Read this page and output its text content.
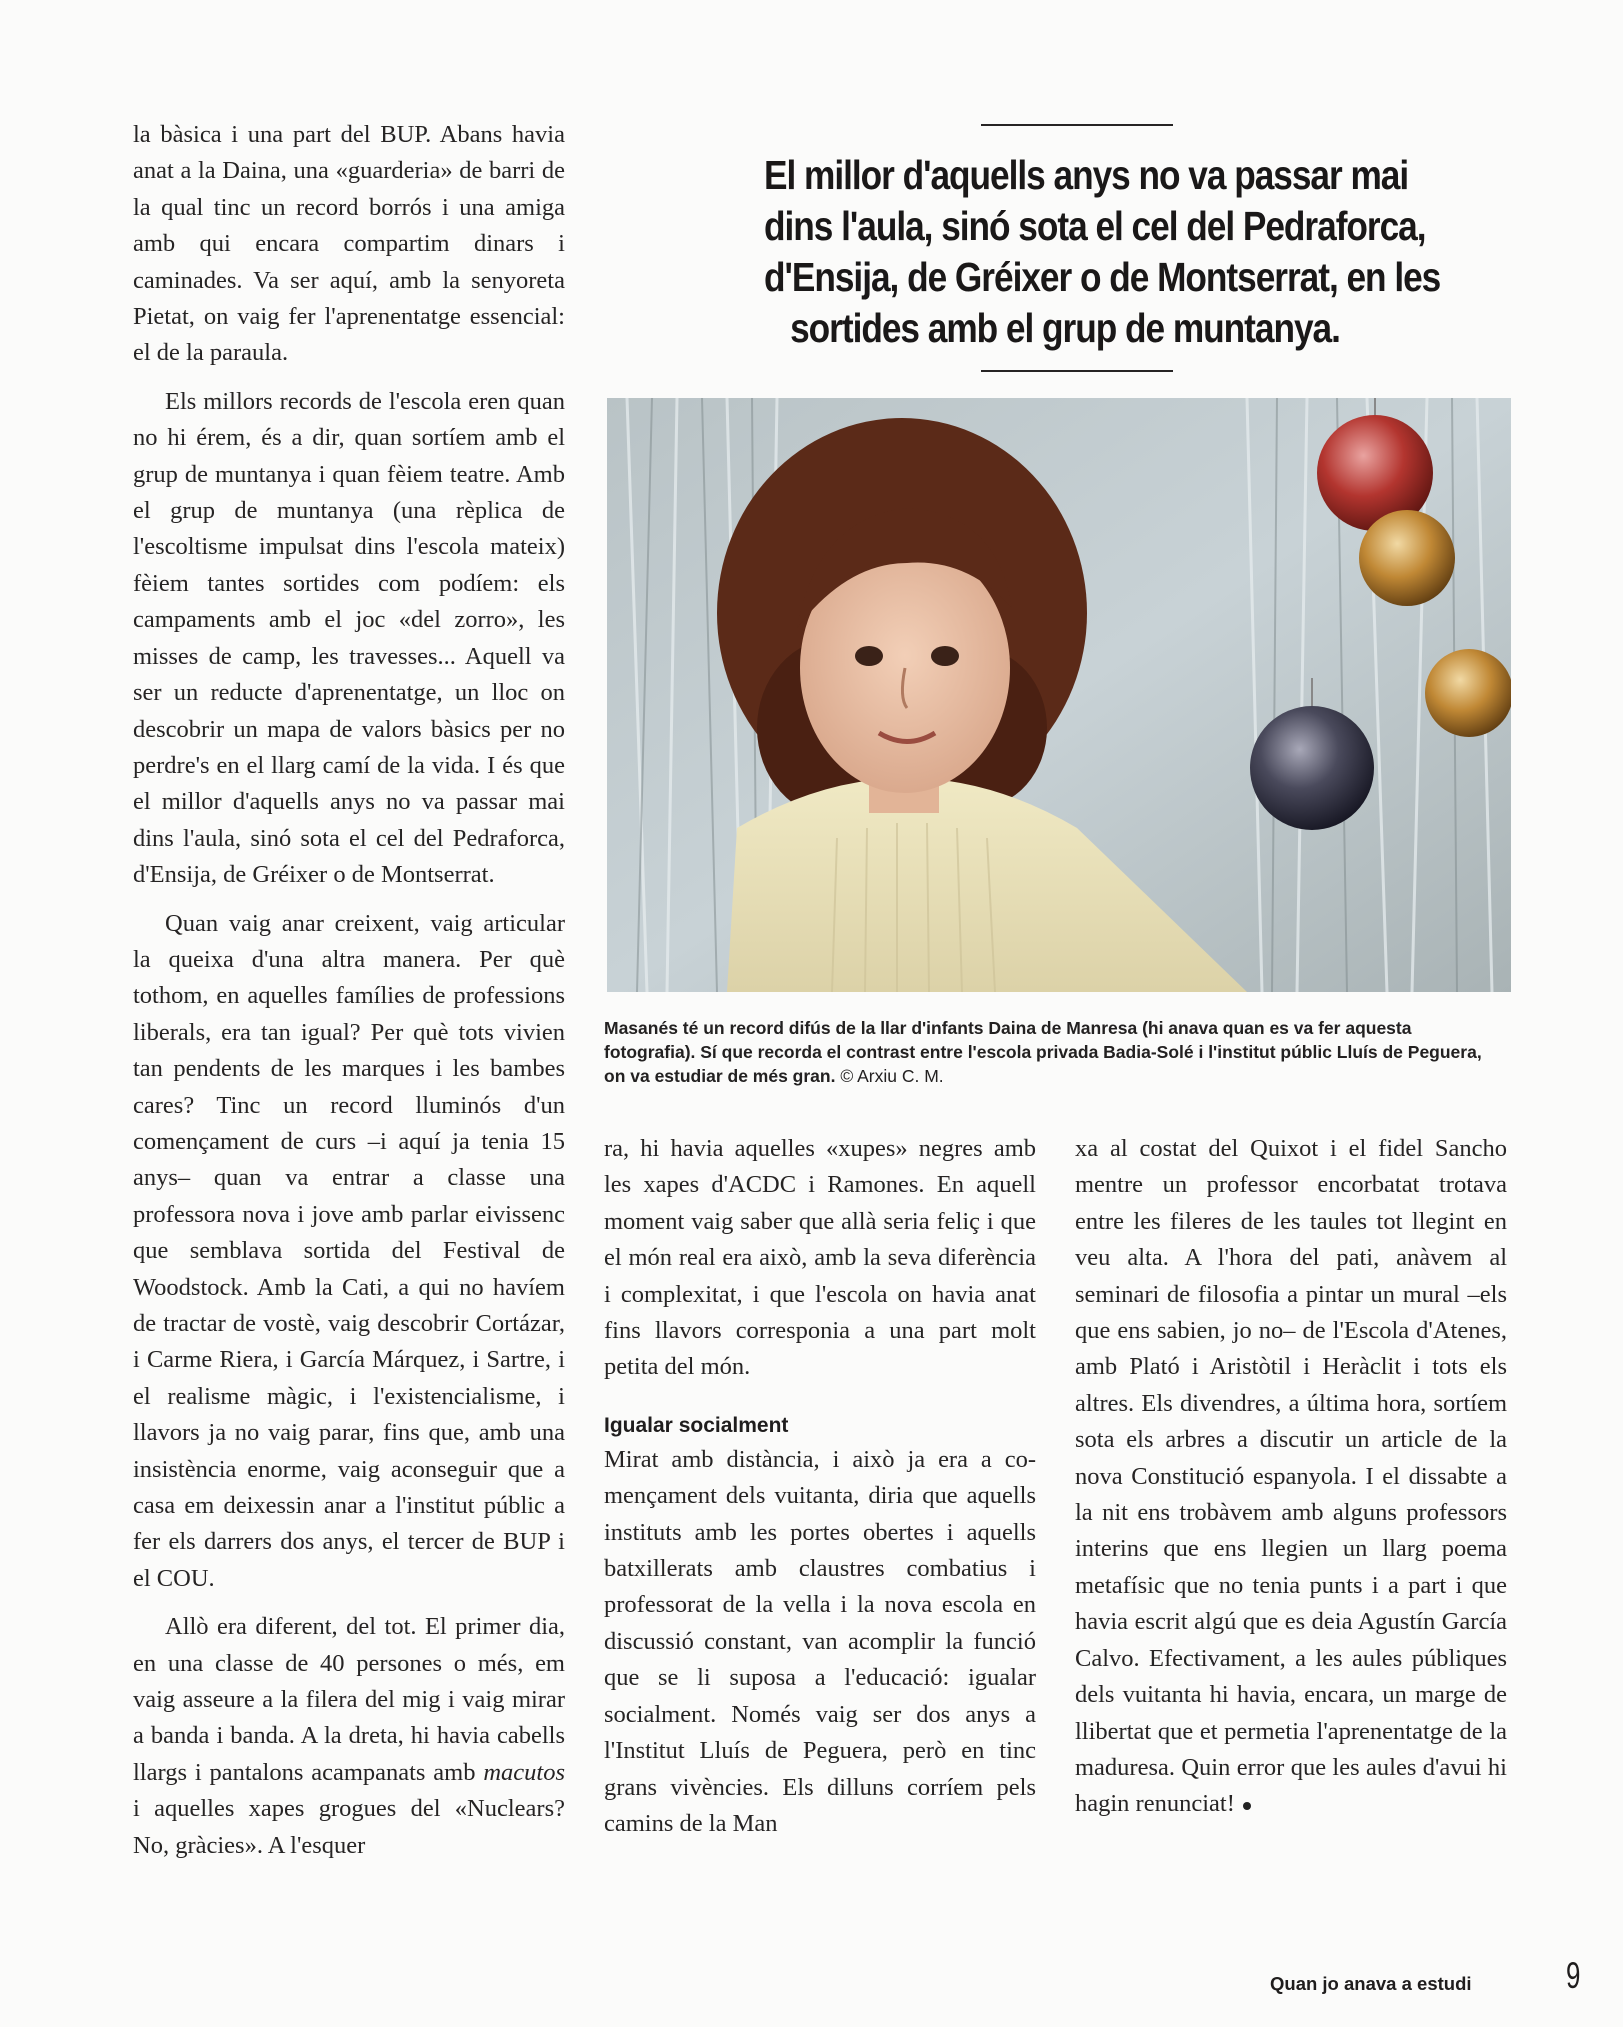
la bàsica i una part del BUP. Abans havia anat a la Daina, una «guarderia» de barri de la qual tinc un record borrós i una amiga amb qui encara compartim dinars i caminades. Va ser aquí, amb la senyoreta Pietat, on vaig fer l'aprenentatge essencial: el de la paraula.

Els millors records de l'escola eren quan no hi érem, és a dir, quan sortíem amb el grup de muntanya i quan fèiem teatre. Amb el grup de muntanya (una rèplica de l'escoltisme impulsat dins l'escola mateix) fèiem tantes sortides com podíem: els campaments amb el joc «del zorro», les misses de camp, les travesses... Aquell va ser un reducte d'aprenentatge, un lloc on descobrir un mapa de valors bàsics per no perdre's en el llarg camí de la vida. I és que el millor d'aquells anys no va passar mai dins l'aula, sinó sota el cel del Pedraforca, d'Ensija, de Gréixer o de Montserrat.

Quan vaig anar creixent, vaig articular la queixa d'una altra manera. Per què tothom, en aquelles famílies de professions liberals, era tan igual? Per què tots vivien tan pendents de les marques i les bambes cares? Tinc un record lluminós d'un començament de curs –i aquí ja tenia 15 anys– quan va entrar a classe una professora nova i jove amb parlar eivissenc que semblava sortida del Festival de Woodstock. Amb la Cati, a qui no havíem de tractar de vostè, vaig descobrir Cortázar, i Carme Riera, i García Márquez, i Sartre, i el realisme màgic, i l'existencialisme, i llavors ja no vaig parar, fins que, amb una insistència enorme, vaig aconseguir que a casa em deixessin anar a l'institut públic a fer els darrers dos anys, el tercer de BUP i el COU.

Allò era diferent, del tot. El primer dia, en una classe de 40 persones o més, em vaig asseure a la filera del mig i vaig mirar a banda i banda. A la dreta, hi havia cabells llargs i pantalons acampanats amb macutos i aquelles xapes grogues del «Nuclears? No, gràcies». A l'esquer

El millor d'aquells anys no va passar mai
dins l'aula, sinó sota el cel del Pedraforca,
d'Ensija, de Gréixer o de Montserrat, en les
sortides amb el grup de muntanya.
Masanés té un record difús de la llar d'infants Daina de Manresa (hi anava quan es va fer aquesta fotografia). Sí que recorda el contrast entre l'escola privada Badia-Solé i l'institut públic Lluís de Peguera, on va estudiar de més gran. © Arxiu C. M.

ra, hi havia aquelles «xupes» negres amb les xapes d'ACDC i Ramones. En aquell moment vaig saber que allà seria feliç i que el món real era això, amb la seva diferència i complexitat, i que l'escola on havia anat fins llavors corresponia a una part molt petita del món.

Igualar socialment

Mirat amb distància, i això ja era a començament dels vuitanta, diria que aquells instituts amb les portes obertes i aquells batxillerats amb claustres combatius i professorat de la vella i la nova escola en discussió constant, van acomplir la funció que se li suposa a l'educació: igualar socialment. Només vaig ser dos anys a l'Institut Lluís de Peguera, però en tinc grans vivències. Els dilluns corríem pels camins de la Man

xa al costat del Quixot i el fidel Sancho mentre un professor encorbatat trotava entre les fileres de les taules tot llegint en veu alta. A l'hora del pati, anàvem al seminari de filosofia a pintar un mural –els que ens sabien, jo no– de l'Escola d'Atenes, amb Plató i Aristòtil i Heràclit i tots els altres. Els divendres, a última hora, sortíem sota els arbres a discutir un article de la nova Constitució espanyola. I el dissabte a la nit ens trobàvem amb alguns professors interins que ens llegien un llarg poema metafísic que no tenia punts i a part i que havia escrit algú que es deia Agustín García Calvo. Efectivament, a les aules públiques dels vuitanta hi havia, encara, un marge de llibertat que et permetia l'aprenentatge de la maduresa. Quin error que les aules d'avui hi hagin renunciat!

Quan jo anava a estudi	9
